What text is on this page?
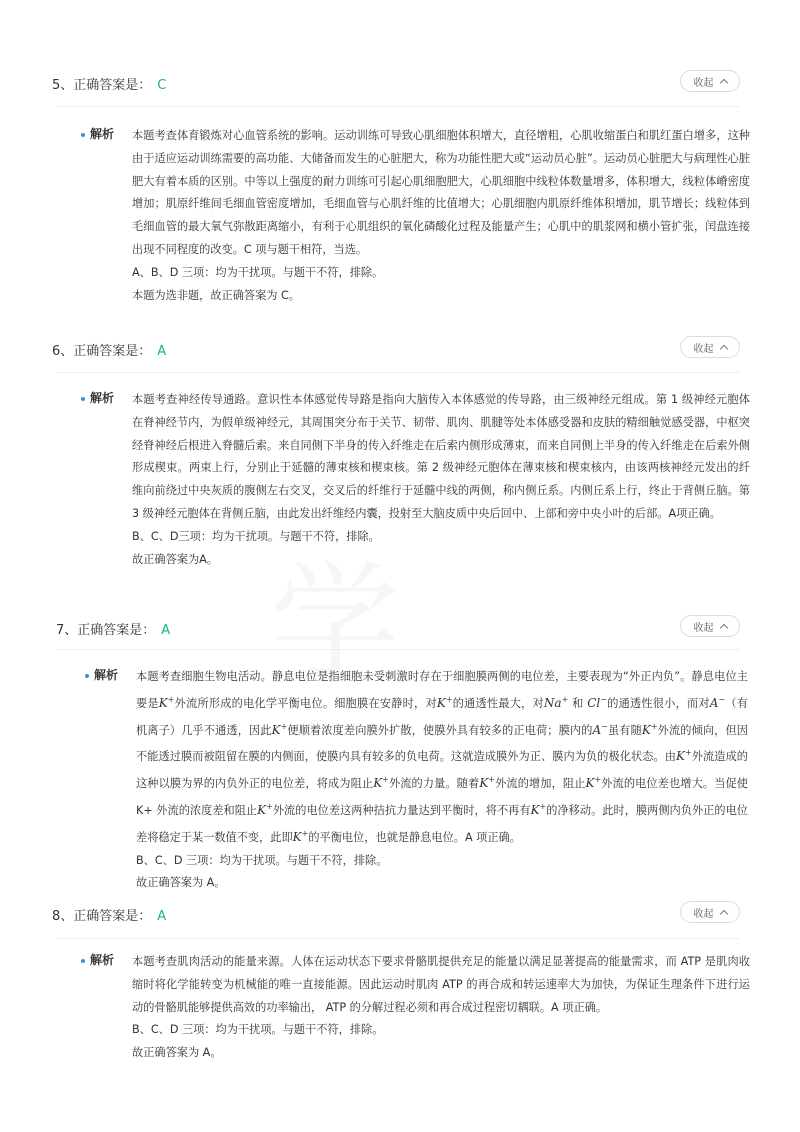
5、正确答案是： C	收起
解析 本题考查体育锻炼对心血管系统的影响。运动训练可导致心肌细胞体积增大，直径增粗，心肌收缩蛋白和肌红蛋白增多，这种由于适应运动训练需要的高功能、大储备而发生的心脏肥大，称为功能性肥大或“运动员心脏”。运动员心脏肥大与病理性心脏肥大有着本质的区别。中等以上强度的耐力训练可引起心肌细胞肥大，心肌细胞中线粒体数量增多，体积增大，线粒体嵴密度增加；肌原纤维间毛细血管密度增加，毛细血管与心肌纤维的比值增大；心肌细胞内肌原纤维体积增加，肌节增长；线粒体到毛细血管的最大氧气弥散距离缩小，有利于心肌组织的氧化磷酸化过程及能量产生；心肌中的肌浆网和横小管扩张，闰盘连接出现不同程度的改变。C 项与题干相符，当选。

A、B、D 三项：均为干扰项。与题干不符，排除。

本题为选非题，故正确答案为 C。

6、正确答案是： A	收起
解析 本题考查神经传导通路。意识性本体感觉传导路是指向大脑传入本体感觉的传导路，由三级神经元组成。第 1 级神经元胞体在脊神经节内，为假单级神经元，其周围突分布于关节、韧带、肌肉、肌腱等处本体感受器和皮肤的精细触觉感受器，中枢突经脊神经后根进入脊髓后索。来自同侧下半身的传入纤维走在后索内侧形成薄束，而来自同侧上半身的传入纤维走在后索外侧形成楔束。两束上行，分别止于延髓的薄束核和楔束核。第 2 级神经元胞体在薄束核和楔束核内，由该两核神经元发出的纤维向前绕过中央灰质的腹侧左右交叉，交叉后的纤维行于延髓中线的两侧，称内侧丘系。内侧丘系上行，终止于背侧丘脑。第 3 级神经元胞体在背侧丘脑，由此发出纤维经内囊，投射至大脑皮质中央后回中、上部和旁中央小叶的后部。A项正确。

B、C、D三项：均为干扰项。与题干不符，排除。

故正确答案为A。

7、正确答案是： A	收起
解析 本题考查细胞生物电活动。静息电位是指细胞未受刺激时存在于细胞膜两侧的电位差，主要表现为“外正内负”。静息电位主要是K+外流所形成的电化学平衡电位。细胞膜在安静时，对K+的通透性最大，对Na+ 和 Cl−的通透性很小，而对A−（有机离子）几乎不通透，因此K+便顺着浓度差向膜外扩散，使膜外具有较多的正电荷；膜内的A−虽有随K+外流的倾向，但因不能透过膜而被阻留在膜的内侧面，使膜内具有较多的负电荷。这就造成膜外为正、膜内为负的极化状态。由K+外流造成的这种以膜为界的内负外正的电位差，将成为阻止K+外流的力量。随着K+外流的增加，阻止K+外流的电位差也增大。当促使 K+ 外流的浓度差和阻止K+外流的电位差这两种拮抗力量达到平衡时，将不再有K+的净移动。此时，膜两侧内负外正的电位差将稳定于某一数值不变，此即K+的平衡电位，也就是静息电位。A 项正确。

B、C、D 三项：均为干扰项。与题干不符，排除。

故正确答案为 A。

8、正确答案是： A	收起
解析 本题考查肌肉活动的能量来源。人体在运动状态下要求骨骼肌提供充足的能量以满足显著提高的能量需求，而 ATP 是肌肉收缩时将化学能转变为机械能的唯一直接能源。因此运动时肌肉 ATP 的再合成和转运速率大为加快，为保证生理条件下进行运动的骨骼肌能够提供高效的功率输出， ATP 的分解过程必须和再合成过程密切耦联。A 项正确。

B、C、D 三项：均为干扰项。与题干不符，排除。

故正确答案为 A。
